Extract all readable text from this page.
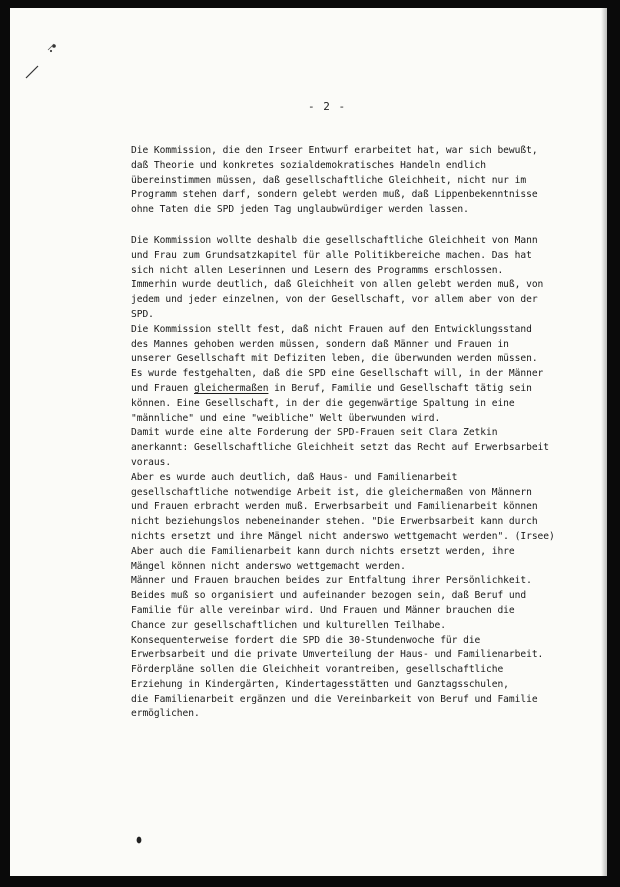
- 2 -
Die Kommission, die den Irseer Entwurf erarbeitet hat, war sich bewußt,
daß Theorie und konkretes sozialdemokratisches Handeln endlich
übereinstimmen müssen, daß gesellschaftliche Gleichheit, nicht nur im
Programm stehen darf, sondern gelebt werden muß, daß Lippenbekenntnisse
ohne Taten die SPD jeden Tag unglaubwürdiger werden lassen.
Die Kommission wollte deshalb die gesellschaftliche Gleichheit von Mann
und Frau zum Grundsatzkapitel für alle Politikbereiche machen. Das hat
sich nicht allen Leserinnen und Lesern des Programms erschlossen.
Immerhin wurde deutlich, daß Gleichheit von allen gelebt werden muß, von
jedem und jeder einzelnen, von der Gesellschaft, vor allem aber von der
SPD.
Die Kommission stellt fest, daß nicht Frauen auf den Entwicklungsstand
des Mannes gehoben werden müssen, sondern daß Männer und Frauen in
unserer Gesellschaft mit Defiziten leben, die überwunden werden müssen.
Es wurde festgehalten, daß die SPD eine Gesellschaft will, in der Männer
und Frauen gleichermaßen in Beruf, Familie und Gesellschaft tätig sein
können. Eine Gesellschaft, in der die gegenwärtige Spaltung in eine
"männliche" und eine "weibliche" Welt überwunden wird.
Damit wurde eine alte Forderung der SPD-Frauen seit Clara Zetkin
anerkannt: Gesellschaftliche Gleichheit setzt das Recht auf Erwerbsarbeit
voraus.
Aber es wurde auch deutlich, daß Haus- und Familienarbeit
gesellschaftliche notwendige Arbeit ist, die gleichermaßen von Männern
und Frauen erbracht werden muß. Erwerbsarbeit und Familienarbeit können
nicht beziehungslos nebeneinander stehen. "Die Erwerbsarbeit kann durch
nichts ersetzt und ihre Mängel nicht anderswo wettgemacht werden". (Irsee)
Aber auch die Familienarbeit kann durch nichts ersetzt werden, ihre
Mängel können nicht anderswo wettgemacht werden.
Männer und Frauen brauchen beides zur Entfaltung ihrer Persönlichkeit.
Beides muß so organisiert und aufeinander bezogen sein, daß Beruf und
Familie für alle vereinbar wird. Und Frauen und Männer brauchen die
Chance zur gesellschaftlichen und kulturellen Teilhabe.
Konsequenterweise fordert die SPD die 30-Stundenwoche für die
Erwerbsarbeit und die private Umverteilung der Haus- und Familienarbeit.
Förderpläne sollen die Gleichheit vorantreiben, gesellschaftliche
Erziehung in Kindergärten, Kindertagesstätten und Ganztagsschulen,
die Familienarbeit ergänzen und die Vereinbarkeit von Beruf und Familie
ermöglichen.
